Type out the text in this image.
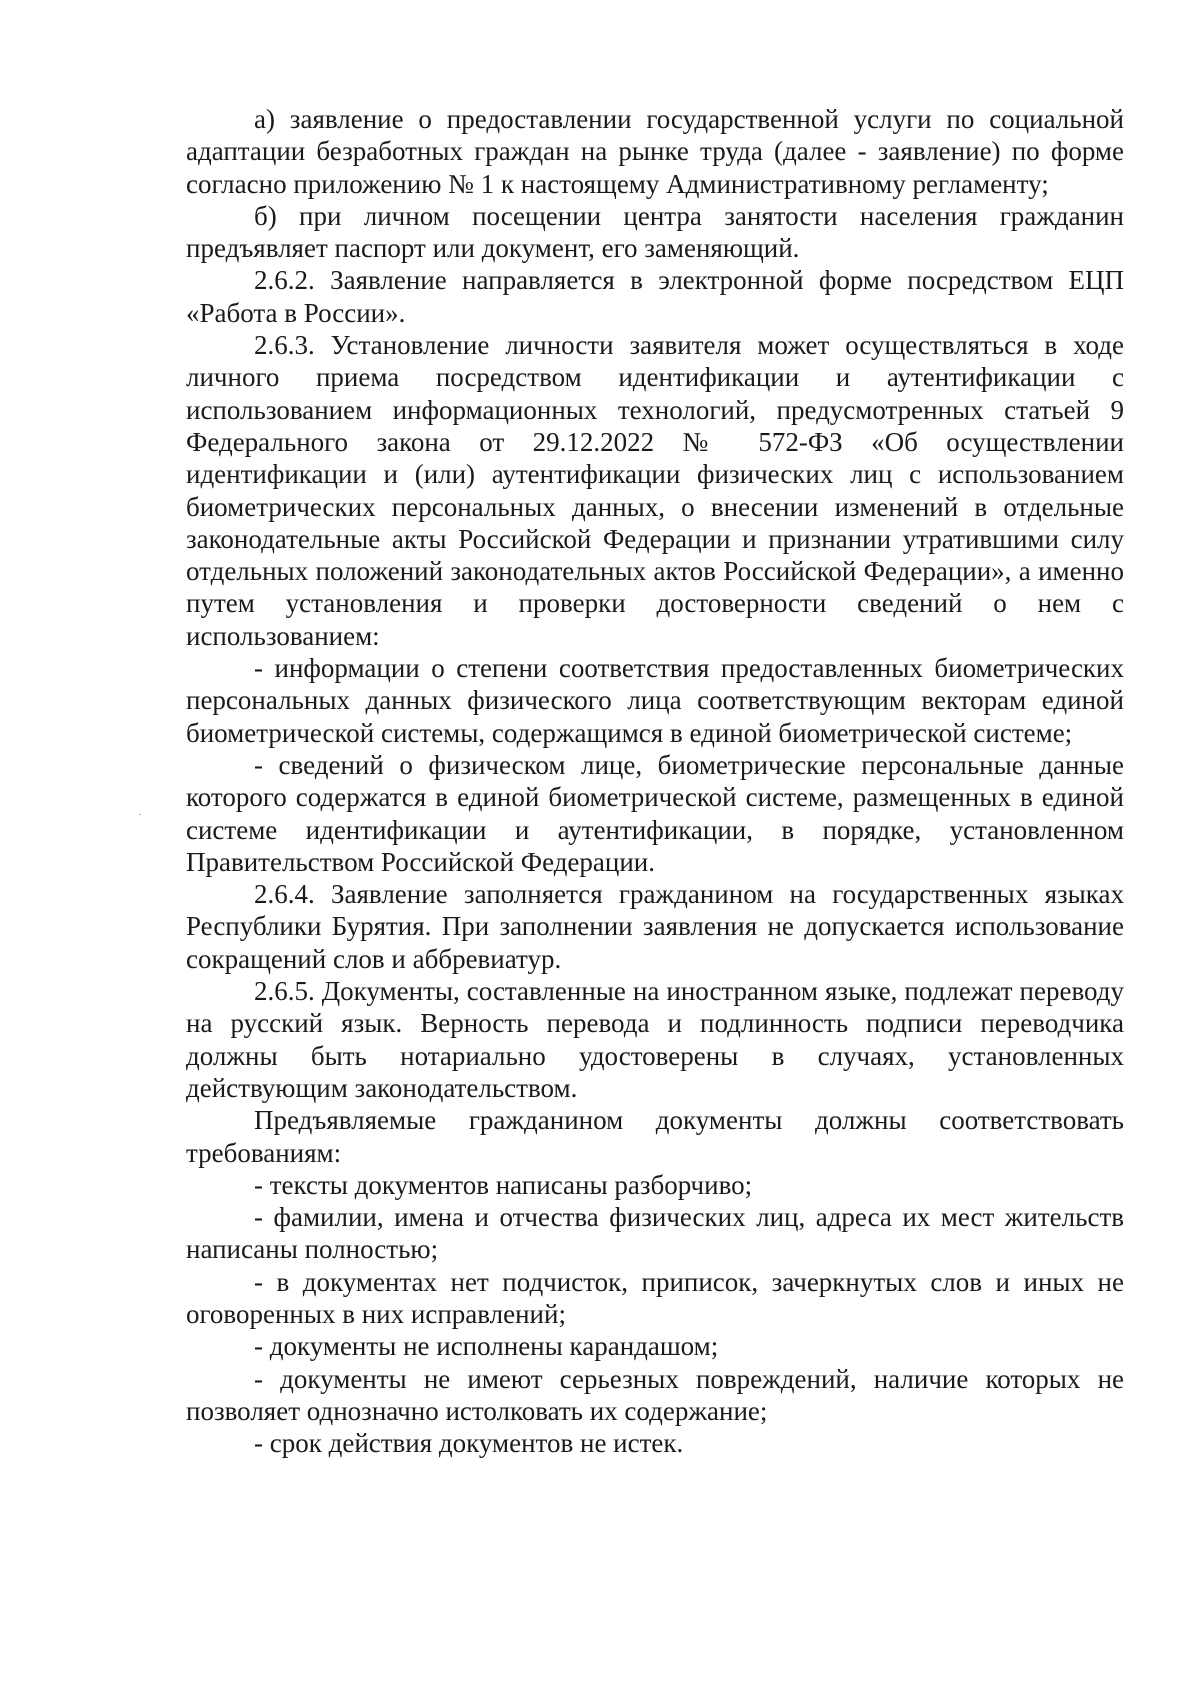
а) заявление о предоставлении государственной услуги по социальной адаптации безработных граждан на рынке труда (далее - заявление) по форме согласно приложению № 1 к настоящему Административному регламенту;

б) при личном посещении центра занятости населения гражданин предъявляет паспорт или документ, его заменяющий.

2.6.2. Заявление направляется в электронной форме посредством ЕЦП «Работа в России».

2.6.3. Установление личности заявителя может осуществляться в ходе личного приема посредством идентификации и аутентификации с использованием информационных технологий, предусмотренных статьей 9 Федерального закона от 29.12.2022 № 572-ФЗ «Об осуществлении идентификации и (или) аутентификации физических лиц с использованием биометрических персональных данных, о внесении изменений в отдельные законодательные акты Российской Федерации и признании утратившими силу отдельных положений законодательных актов Российской Федерации», а именно путем установления и проверки достоверности сведений о нем с использованием:

- информации о степени соответствия предоставленных биометрических персональных данных физического лица соответствующим векторам единой биометрической системы, содержащимся в единой биометрической системе;

- сведений о физическом лице, биометрические персональные данные которого содержатся в единой биометрической системе, размещенных в единой системе идентификации и аутентификации, в порядке, установленном Правительством Российской Федерации.

2.6.4. Заявление заполняется гражданином на государственных языках Республики Бурятия. При заполнении заявления не допускается использование сокращений слов и аббревиатур.

2.6.5. Документы, составленные на иностранном языке, подлежат переводу на русский язык. Верность перевода и подлинность подписи переводчика должны быть нотариально удостоверены в случаях, установленных действующим законодательством.

Предъявляемые гражданином документы должны соответствовать требованиям:

- тексты документов написаны разборчиво;

- фамилии, имена и отчества физических лиц, адреса их мест жительств написаны полностью;

- в документах нет подчисток, приписок, зачеркнутых слов и иных не оговоренных в них исправлений;

- документы не исполнены карандашом;

- документы не имеют серьезных повреждений, наличие которых не позволяет однозначно истолковать их содержание;

- срок действия документов не истек.
